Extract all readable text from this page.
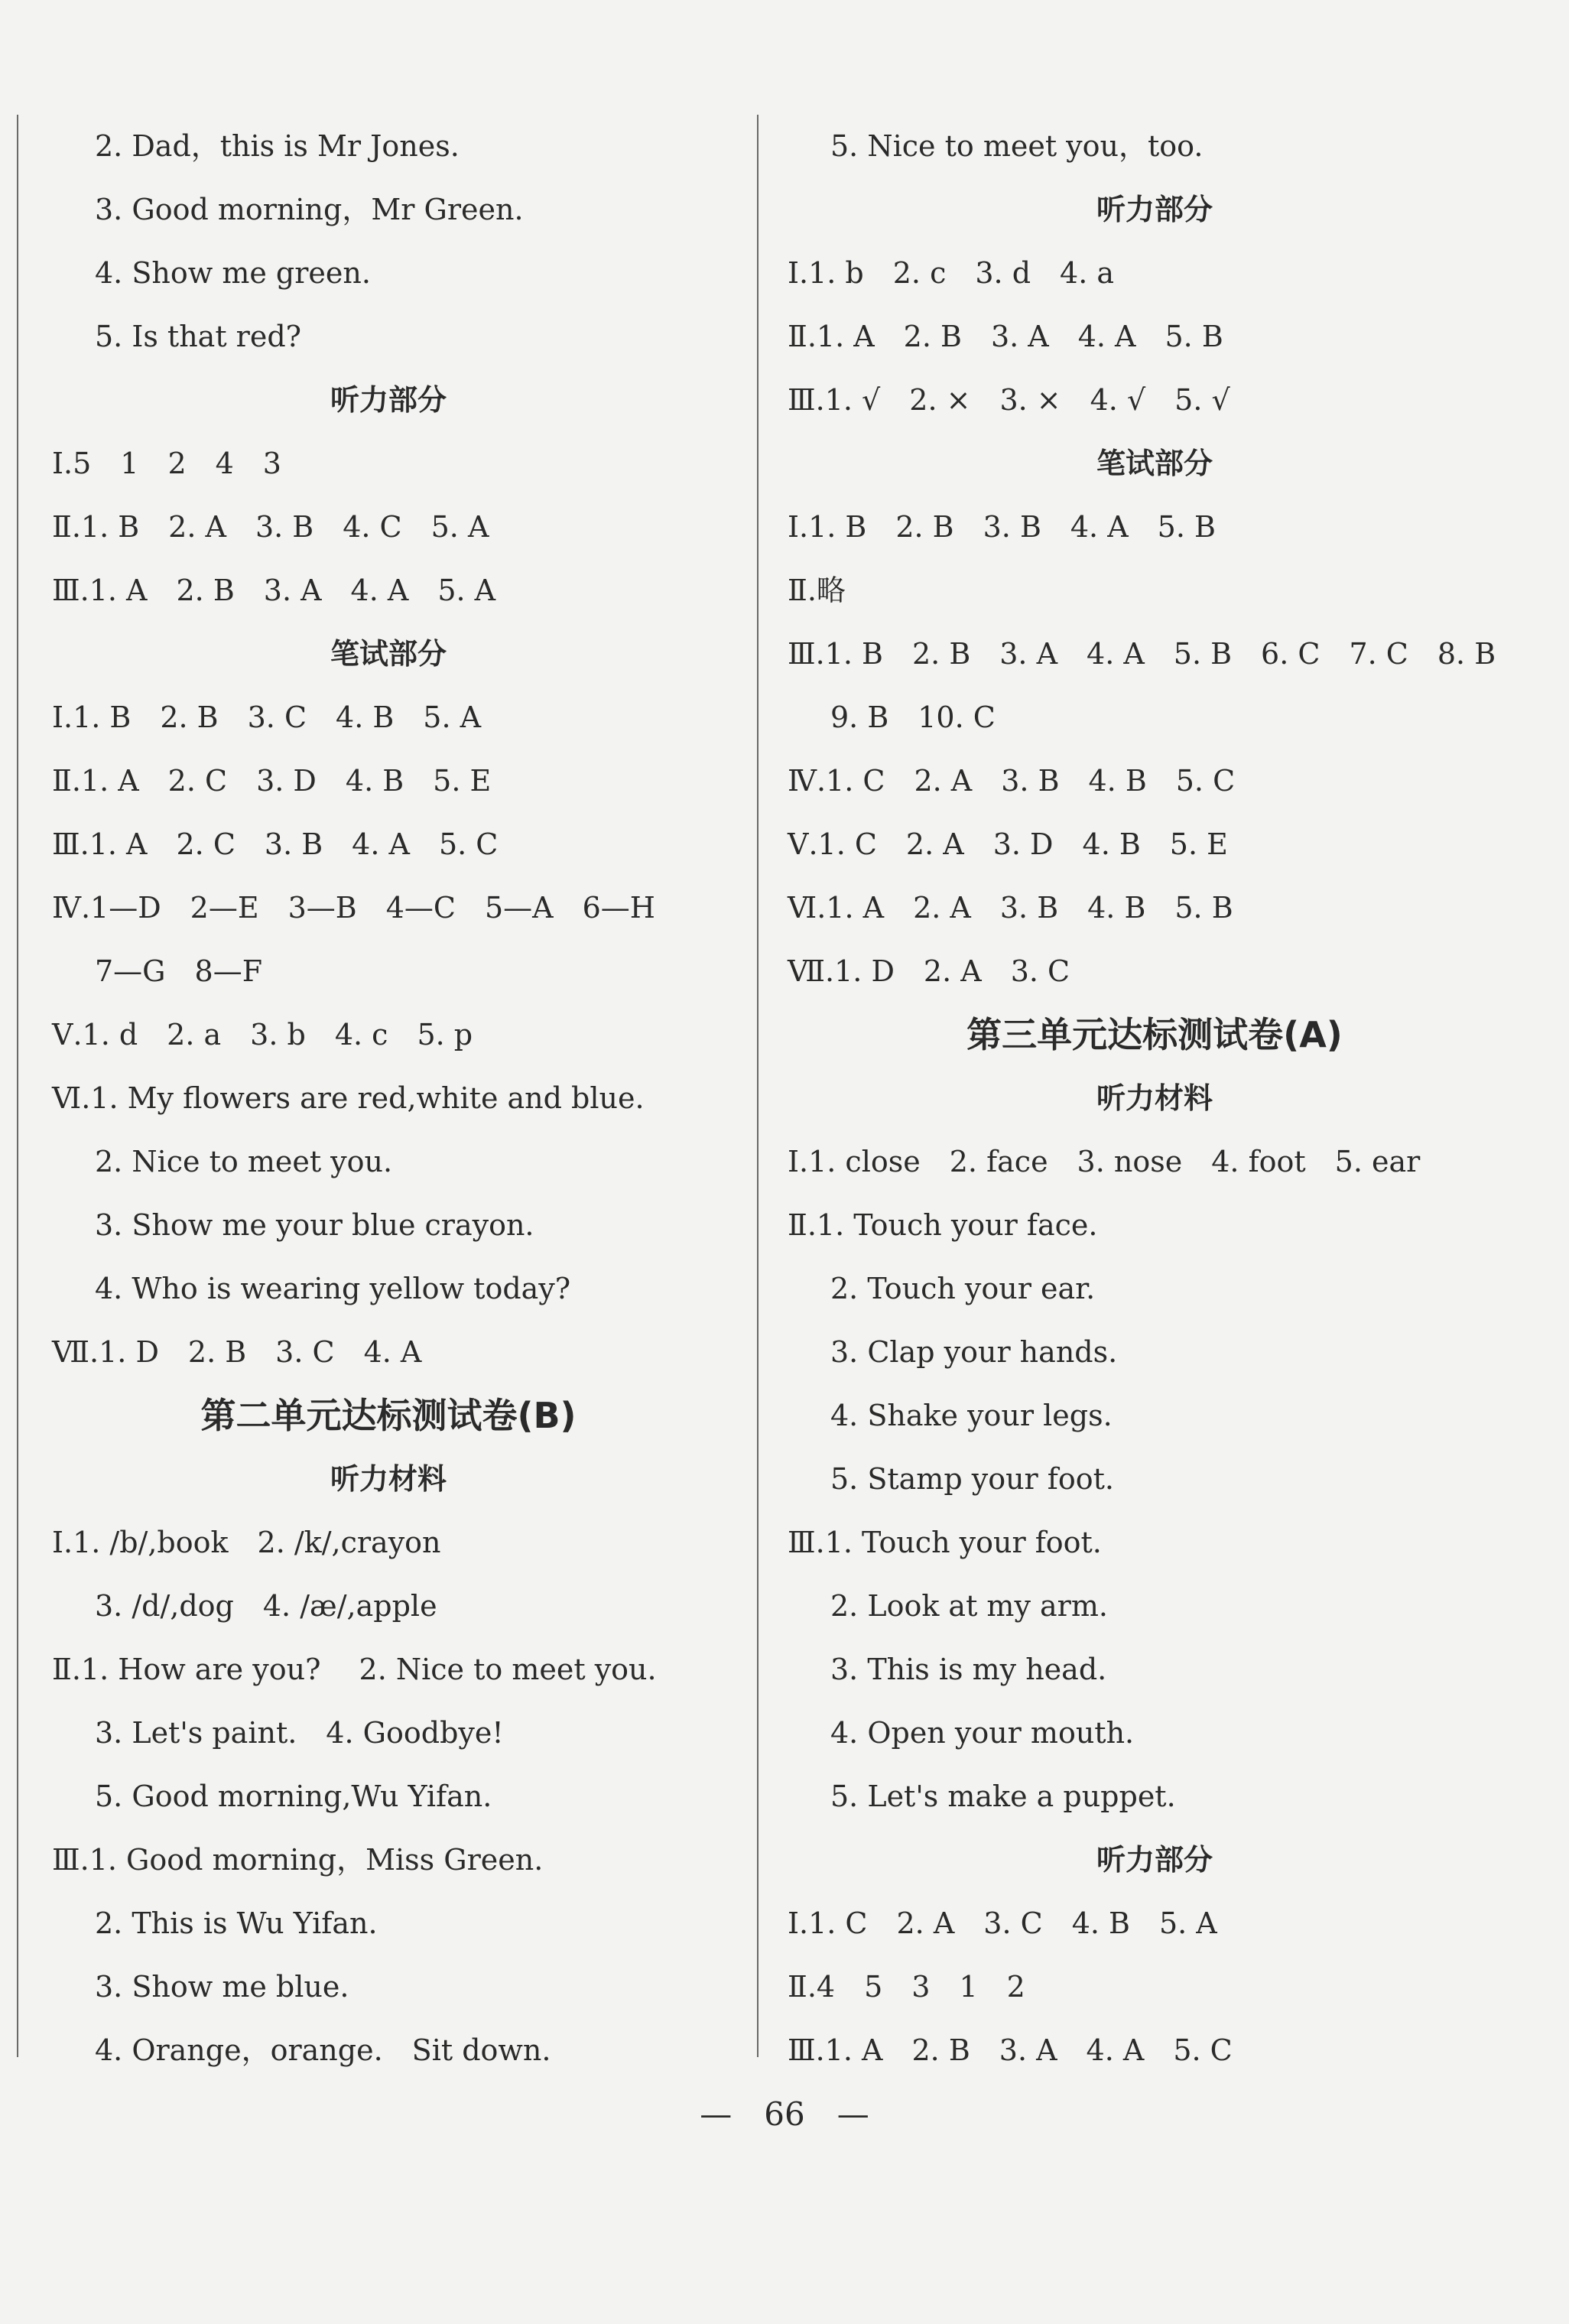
2. Dad，this is Mr Jones.
3. Good morning，Mr Green.
4. Show me green.
5. Is that red?
听力部分
Ⅰ.5　1　2　4　3
Ⅱ.1. B　2. A　3. B　4. C　5. A
Ⅲ.1. A　2. B　3. A　4. A　5. A
笔试部分
Ⅰ.1. B　2. B　3. C　4. B　5. A
Ⅱ.1. A　2. C　3. D　4. B　5. E
Ⅲ.1. A　2. C　3. B　4. A　5. C
Ⅳ.1—D　2—E　3—B　4—C　5—A　6—H
7—G　8—F
Ⅴ.1. d　2. a　3. b　4. c　5. p
Ⅵ.1. My flowers are red,white and blue.
2. Nice to meet you.
3. Show me your blue crayon.
4. Who is wearing yellow today?
Ⅶ.1. D　2. B　3. C　4. A
第二单元达标测试卷(B)
听力材料
Ⅰ.1. /b/,book　2. /k/,crayon
3. /d/,dog　4. /æ/,apple
Ⅱ.1. How are you?　 2. Nice to meet you.
3. Let's paint.　4. Goodbye!
5. Good morning,Wu Yifan.
Ⅲ.1. Good morning，Miss Green.
2. This is Wu Yifan.
3. Show me blue.
4. Orange，orange.　Sit down.
5. Nice to meet you，too.
听力部分
Ⅰ.1. b　2. c　3. d　4. a
Ⅱ.1. A　2. B　3. A　4. A　5. B
Ⅲ.1. √　2. ×　3. ×　4. √　5. √
笔试部分
Ⅰ.1. B　2. B　3. B　4. A　5. B
Ⅱ.略
Ⅲ.1. B　2. B　3. A　4. A　5. B　6. C　7. C　8. B
9. B　10. C
Ⅳ.1. C　2. A　3. B　4. B　5. C
Ⅴ.1. C　2. A　3. D　4. B　5. E
Ⅵ.1. A　2. A　3. B　4. B　5. B
Ⅶ.1. D　2. A　3. C
第三单元达标测试卷(A)
听力材料
Ⅰ.1. close　2. face　3. nose　4. foot　5. ear
Ⅱ.1. Touch your face.
2. Touch your ear.
3. Clap your hands.
4. Shake your legs.
5. Stamp your foot.
Ⅲ.1. Touch your foot.
2. Look at my arm.
3. This is my head.
4. Open your mouth.
5. Let's make a puppet.
听力部分
Ⅰ.1. C　2. A　3. C　4. B　5. A
Ⅱ.4　5　3　1　2
Ⅲ.1. A　2. B　3. A　4. A　5. C
—　66　—
